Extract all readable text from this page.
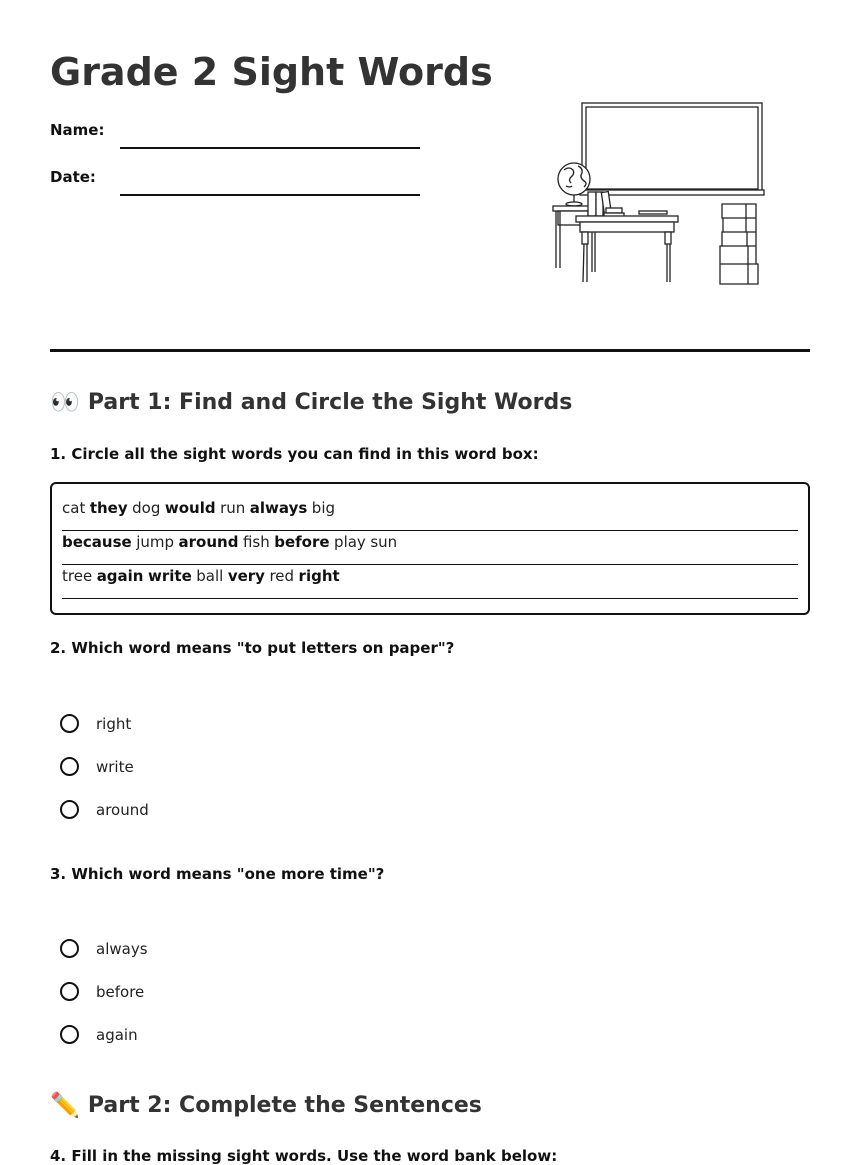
Grade 2 Sight Words
Name:
Date:
👀 Part 1: Find and Circle the Sight Words

1. Circle all the sight words you can find in this word box:

cat they dog would run always big
because jump around fish before play sun
tree again write ball very red right

2. Which word means "to put letters on paper"?

right
write
around

3. Which word means "one more time"?

always
before
again
✏️ Part 2: Complete the Sentences

4. Fill in the missing sight words. Use the word bank below:
